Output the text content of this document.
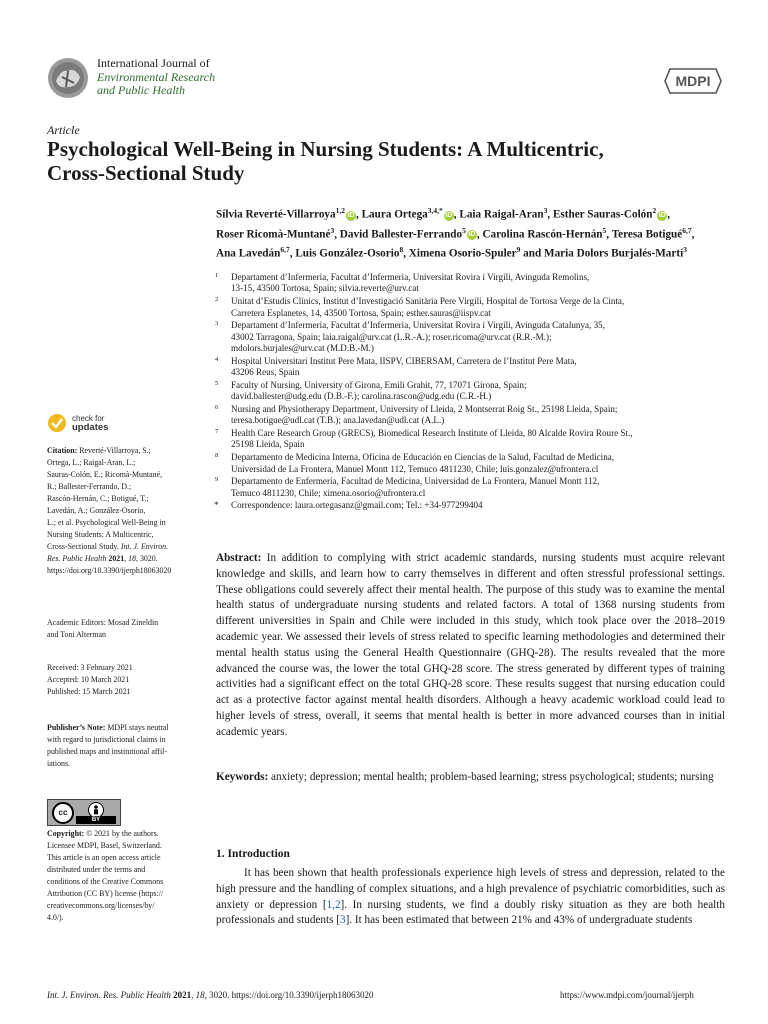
International Journal of
Environmental Research
and Public Health
MDPI
Article
Psychological Well-Being in Nursing Students: A Multicentric,
Cross-Sectional Study
Sílvia Reverté-Villarroya$^{1,2}$iD , Laura Ortega$^{3,4,*}$iD , Laia Raigal-Aran$^3$, Esther Sauras-Colón$^2$iD ,
Roser Ricomà-Muntané$^3$, David Ballester-Ferrando$^5$iD , Carolina Rascón-Hernán$^5$, Teresa Botigué$^{6,7}$,
Ana Lavedán$^{6,7}$, Luis González-Osorio$^8$, Ximena Osorio-Spuler$^9$ and Maria Dolors Burjalés-Martí$^3$
1 Departament d’Infermeria, Facultat d’Infermeria, Universitat Rovira i Virgili, Avinguda Remolins,
13-15, 43500 Tortosa, Spain; silvia.reverte@urv.cat
2 Unitat d’Estudis Clínics, Institut d’Investigació Sanitària Pere Virgili, Hospital de Tortosa Verge de la Cinta,
Carretera Esplanetes, 14, 43500 Tortosa, Spain; esther.sauras@iispv.cat
3 Departament d’Infermeria, Facultat d’Infermeria, Universitat Rovira i Virgili, Avinguda Catalunya, 35,
43002 Tarragona, Spain; laia.raigal@urv.cat (L.R.-A.); roser.ricoma@urv.cat (R.R.-M.);
mdolors.burjales@urv.cat (M.D.B.-M.)
4 Hospital Universitari Institut Pere Mata, IISPV, CIBERSAM, Carretera de l’Institut Pere Mata,
43206 Reus, Spain
5 Faculty of Nursing, University of Girona, Emili Grahit, 77, 17071 Girona, Spain;
david.ballester@udg.edu (D.B.-F.); carolina.rascon@udg.edu (C.R.-H.)
6 Nursing and Physiotherapy Department, University of Lleida, 2 Montserrat Roig St., 25198 Lleida, Spain;
teresa.botigue@udl.cat (T.B.); ana.lavedan@udl.cat (A.L.)
7 Health Care Research Group (GRECS), Biomedical Research Institute of Lleida, 80 Alcalde Rovira Roure St.,
25198 Lleida, Spain
8 Departamento de Medicina Interna, Oficina de Educación en Ciencias de la Salud, Facultad de Medicina,
Universidad de La Frontera, Manuel Montt 112, Temuco 4811230, Chile; luis.gonzalez@ufrontera.cl
9 Departamento de Enfermería, Facultad de Medicina, Universidad de La Frontera, Manuel Montt 112,
Temuco 4811230, Chile; ximena.osorio@ufrontera.cl
* Correspondence: laura.ortegasanz@gmail.com; Tel.: +34-977299404
check for
updates
Citation: Reverté-Villarroya, S.;
Ortega, L.; Raigal-Aran, L.;
Sauras-Colón, E.; Ricomà-Muntané,
R.; Ballester-Ferrando, D.;
Rascón-Hernán, C.; Botigué, T.;
Lavedán, A.; González-Osorio,
L.; et al. Psychological Well-Being in
Nursing Students: A Multicentric,
Cross-Sectional Study. Int. J. Environ.
Res. Public Health 2021, 18, 3020.
https://doi.org/10.3390/ijerph18063020
Academic Editors: Mosad Zineldin
and Toni Alterman
Received: 3 February 2021
Accepted: 10 March 2021
Published: 15 March 2021
Publisher’s Note: MDPI stays neutral
with regard to jurisdictional claims in
published maps and institutional affil-
iations.
cc
BY
Copyright: © 2021 by the authors.
Licensee MDPI, Basel, Switzerland.
This article is an open access article
distributed under the terms and
conditions of the Creative Commons
Attribution (CC BY) license (https://
creativecommons.org/licenses/by/
4.0/).
Abstract: In addition to complying with strict academic standards, nursing students must acquire relevant knowledge and skills, and learn how to carry themselves in different and often stressful professional settings. These obligations could severely affect their mental health. The purpose of this study was to examine the mental health status of undergraduate nursing students and related factors. A total of 1368 nursing students from different universities in Spain and Chile were included in this study, which took place over the 2018–2019 academic year. We assessed their levels of stress related to specific learning methodologies and determined their mental health status using the General Health Questionnaire (GHQ-28). The results revealed that the more advanced the course was, the lower the total GHQ-28 score. The stress generated by different types of training activities had a significant effect on the total GHQ-28 score. These results suggest that nursing education could act as a protective factor against mental health disorders. Although a heavy academic workload could lead to higher levels of stress, overall, it seems that mental health is better in more advanced courses than in initial academic years.
Keywords: anxiety; depression; mental health; problem-based learning; stress psychological; students; nursing
1. Introduction
It has been shown that health professionals experience high levels of stress and depression, related to the high pressure and the handling of complex situations, and a high prevalence of psychiatric comorbidities, such as anxiety or depression [1,2]. In nursing students, we find a doubly risky situation as they are both health professionals and students [3]. It has been estimated that between 21% and 43% of undergraduate students
Int. J. Environ. Res. Public Health 2021, 18, 3020. https://doi.org/10.3390/ijerph18063020	https://www.mdpi.com/journal/ijerph
